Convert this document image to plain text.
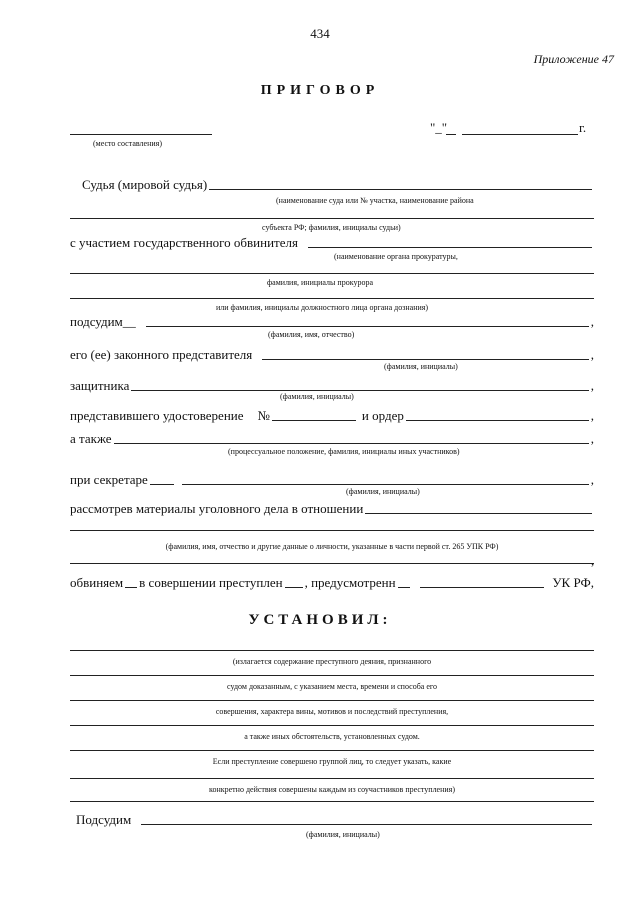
434
Приложение 47
ПРИГОВОР
(место составления)
"_"	г.
Судья (мировой судья)
(наименование суда или № участка, наименование района
субъекта РФ; фамилия, инициалы судьи)
с участием государственного обвинителя
(наименование органа прокуратуры,
фамилия, инициалы прокурора
или фамилия, инициалы должностного лица органа дознания)
подсудим __	,
(фамилия, имя, отчество)
его (ее) законного представителя	,
(фамилия, инициалы)
защитника	,
(фамилия, инициалы)
представившего удостоверение №	и ордер	,
а также	,
(процессуальное положение, фамилия, инициалы иных участников)
при секретаре	,
(фамилия, инициалы)
рассмотрев материалы уголовного дела в отношении
(фамилия, имя, отчество и другие данные о личности, указанные в части первой ст. 265 УПК РФ)
,
обвиняем в совершении преступлен , предусмотренн	УК РФ,
УСТАНОВИЛ:
(излагается содержание преступного деяния, признанного
судом доказанным, с указанием места, времени и способа его
совершения, характера вины, мотивов и последствий преступления,
а также иных обстоятельств, установленных судом.
Если преступление совершено группой лиц, то следует указать, какие
конкретно действия совершены каждым из соучастников преступления)
Подсудим
(фамилия, инициалы)
